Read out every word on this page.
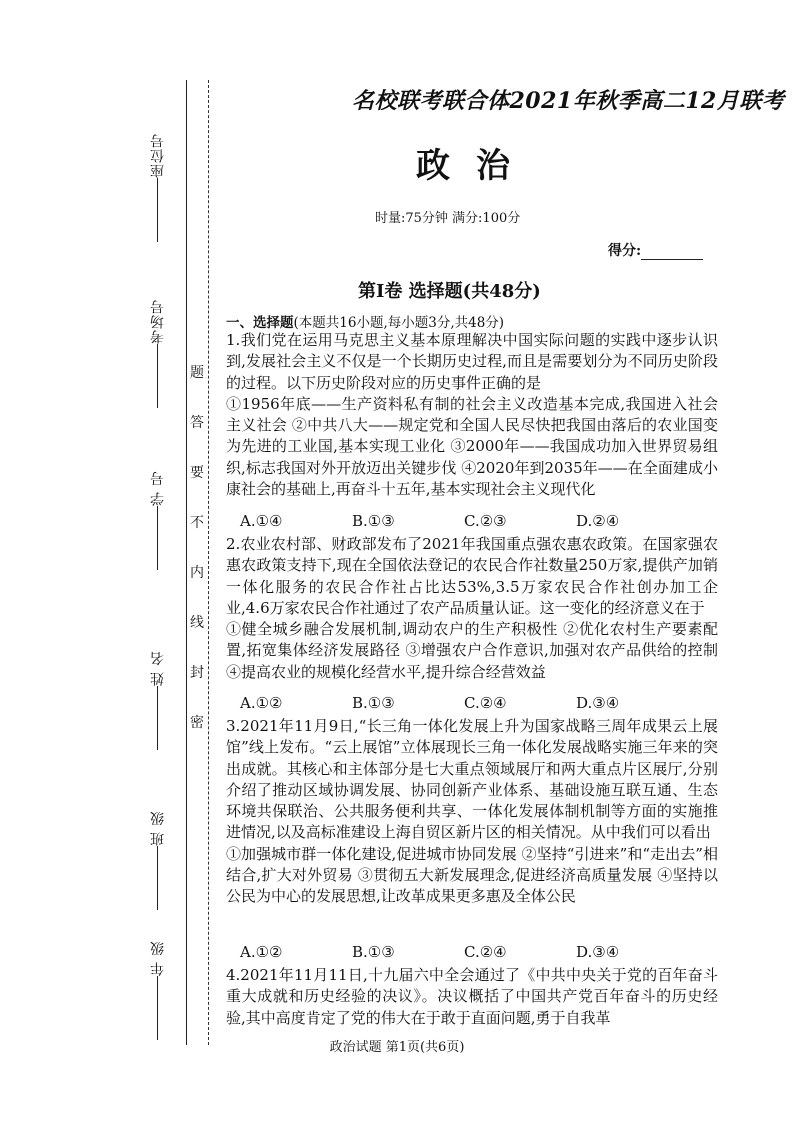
座位号
考场号
学 号
姓 名
班 级
年 级
题
答
要
不
内
线
封
密
名校联考联合体2021年秋季高二12月联考
政治
时量:75分钟 满分:100分
得分:
第Ⅰ卷 选择题(共48分)
一、选择题(本题共16小题,每小题3分,共48分)
1.我们党在运用马克思主义基本原理解决中国实际问题的实践中逐步认识到,发展社会主义不仅是一个长期历史过程,而且是需要划分为不同历史阶段的过程。以下历史阶段对应的历史事件正确的是
①1956年底——生产资料私有制的社会主义改造基本完成,我国进入社会主义社会 ②中共八大——规定党和全国人民尽快把我国由落后的农业国变为先进的工业国,基本实现工业化 ③2000年——我国成功加入世界贸易组织,标志我国对外开放迈出关键步伐 ④2020年到2035年——在全面建成小康社会的基础上,再奋斗十五年,基本实现社会主义现代化
A.①④	B.①③	C.②③	D.②④
2.农业农村部、财政部发布了2021年我国重点强农惠农政策。在国家强农惠农政策支持下,现在全国依法登记的农民合作社数量250万家,提供产加销一体化服务的农民合作社占比达53%,3.5万家农民合作社创办加工企业,4.6万家农民合作社通过了农产品质量认证。这一变化的经济意义在于
①健全城乡融合发展机制,调动农户的生产积极性 ②优化农村生产要素配置,拓宽集体经济发展路径 ③增强农户合作意识,加强对农产品供给的控制 ④提高农业的规模化经营水平,提升综合经营效益
A.①②	B.①③	C.②④	D.③④
3.2021年11月9日,“长三角一体化发展上升为国家战略三周年成果云上展馆”线上发布。“云上展馆”立体展现长三角一体化发展战略实施三年来的突出成就。其核心和主体部分是七大重点领域展厅和两大重点片区展厅,分别介绍了推动区域协调发展、协同创新产业体系、基础设施互联互通、生态环境共保联治、公共服务便利共享、一体化发展体制机制等方面的实施推进情况,以及高标准建设上海自贸区新片区的相关情况。从中我们可以看出
①加强城市群一体化建设,促进城市协同发展 ②坚持“引进来”和“走出去”相结合,扩大对外贸易 ③贯彻五大新发展理念,促进经济高质量发展 ④坚持以公民为中心的发展思想,让改革成果更多惠及全体公民
A.①②	B.①③	C.②④	D.③④
4.2021年11月11日,十九届六中全会通过了《中共中央关于党的百年奋斗重大成就和历史经验的决议》。决议概括了中国共产党百年奋斗的历史经验,其中高度肯定了党的伟大在于敢于直面问题,勇于自我革
政治试题 第1页(共6页)
